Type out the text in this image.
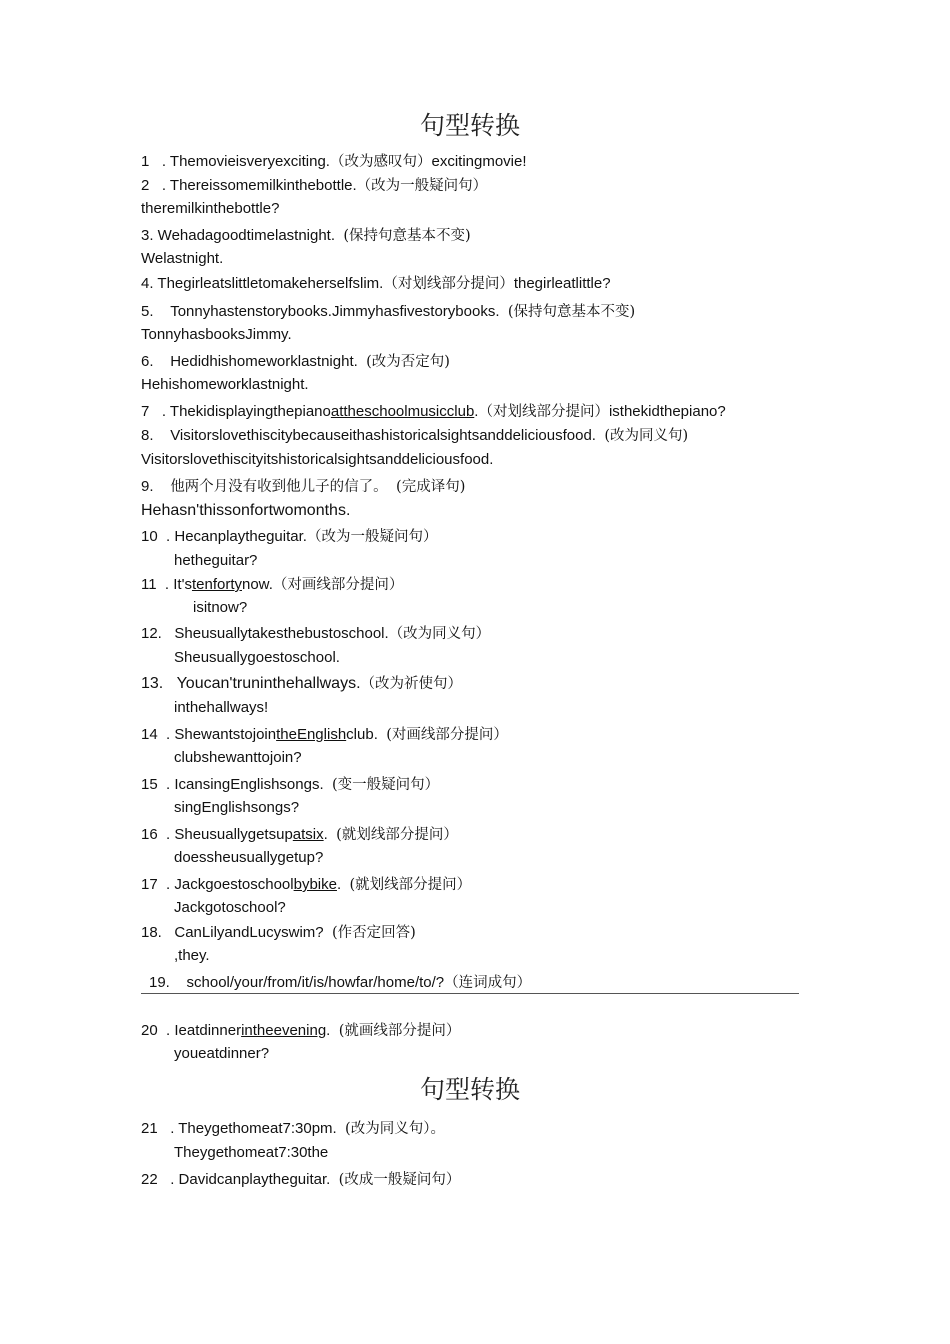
句型转换
1 . Themovieisveryexciting.（改为感叹句）excitingmovie!
2 . Thereissomemilkinthebottle.（改为一般疑问句）
theremilkinthebottle?
3. Wehadagoodtimelastnight. (保持句意基本不变)
Welastnight.
4. Thegirleatslittletomakeherselfslim.（对划线部分提问）thegirleatlittle?
5. Tonnyhastenstorybooks.Jimmyhasfivestorybooks. (保持句意基本不变)
TonnyhasbooksJimmy.
6. Hedidhishomeworklastnight. (改为否定句)
Hehishomeworklastnight.
7 . Thekidisplayingthepianoattheschoolmusicclub.（对划线部分提问）isthekidthepiano?
8. Visitorslovethiscitybecauseithashistoricalsightsanddeliciousfood. (改为同义句)
Visitorslovethiscityitshistoricalsightsanddeliciousfood.
9. 他两个月没有收到他儿子的信了。 (完成译句)
Hehasn'thissonfortwomonths.
10 . Hecanplaytheguitar.（改为一般疑问句）
hetheguitar?
11 . It'stenfortynow.（对画线部分提问）
isitnow?
12. Sheusuallytakesthebustoschool.（改为同义句）
Sheusuallygoestoschool.
13. Youcan'truninthehallways.（改为祈使句）
inthehallways!
14 . ShewantstojointheEnglishclub. (对画线部分提问）
clubshewanttojoin?
15 . IcansingEnglishsongs. (变一般疑问句）
singEnglishsongs?
16 . Sheusuallygetsupatsix. (就划线部分提问）
doessheusuallygetup?
17 . Jackgoestoschoolbybike. (就划线部分提问）
Jackgotoschool?
18. CanLilyandLucyswim? (作否定回答)
,they.
19. school/your/from/it/is/howfar/home/to/?（连词成句）
20 . Ieatdinnerintheevening. (就画线部分提问）
youeatdinner?
句型转换
21 . Theygethomeat7:30pm. (改为同义句）。
Theygethomeat7:30the
22 . Davidcanplaytheguitar. (改成一般疑问句）
